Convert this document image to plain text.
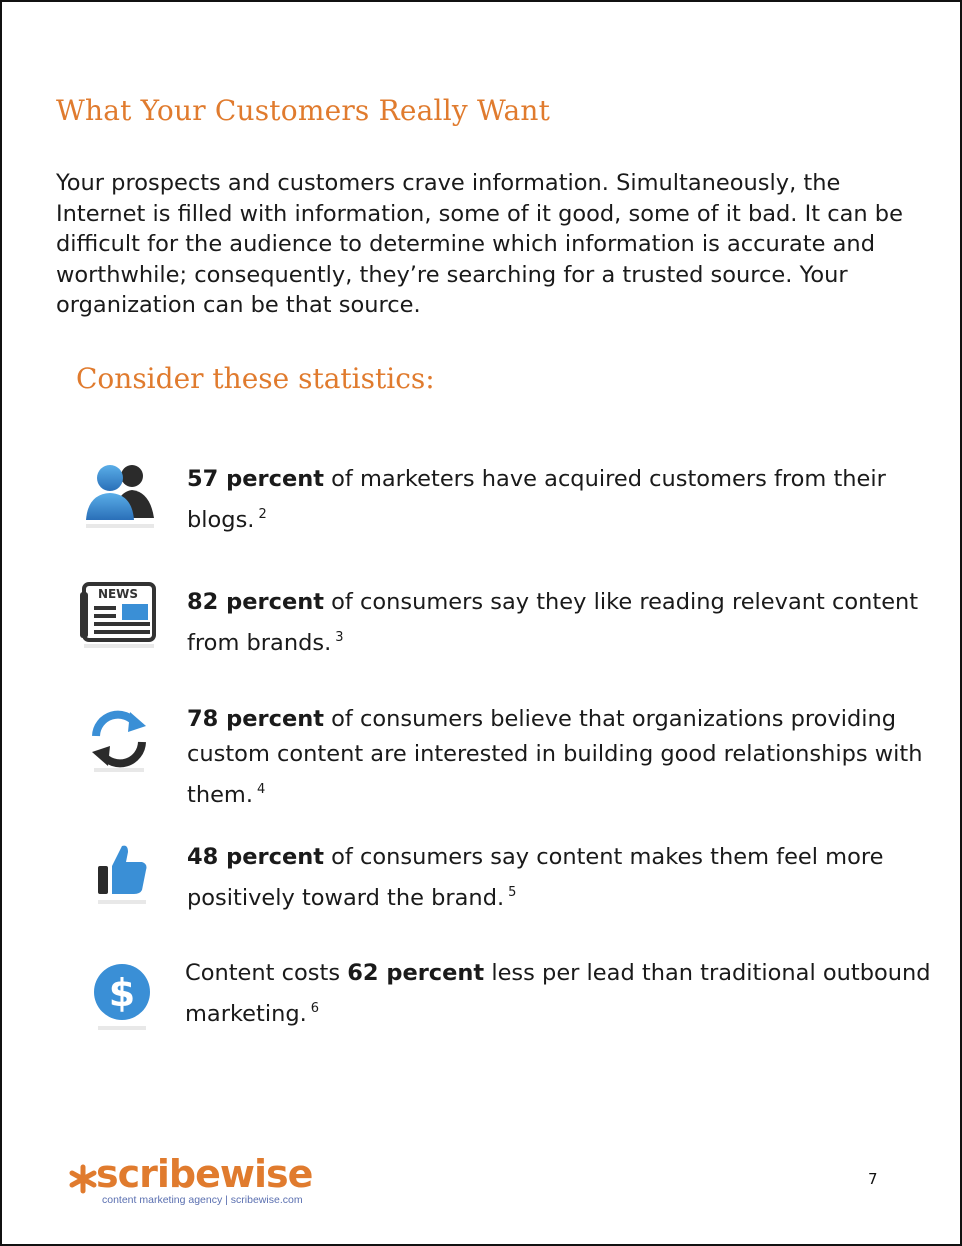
What Your Customers Really Want

Your prospects and customers crave information. Simultaneously, the Internet is filled with information, some of it good, some of it bad. It can be difficult for the audience to determine which information is accurate and worthwhile; consequently, they’re searching for a trusted source. Your organization can be that source.

Consider these statistics:

57 percent of marketers have acquired customers from their blogs. $^2$

NEWS 82 percent of consumers say they like reading relevant content from brands. $^3$

78 percent of consumers believe that organizations providing custom content are interested in building good relationships with them. $^4$

48 percent of consumers say content makes them feel more positively toward the brand. $^5$

$ Content costs 62 percent less per lead than traditional outbound marketing. $^6$

scribewise
content marketing agency | scribewise.com
7
